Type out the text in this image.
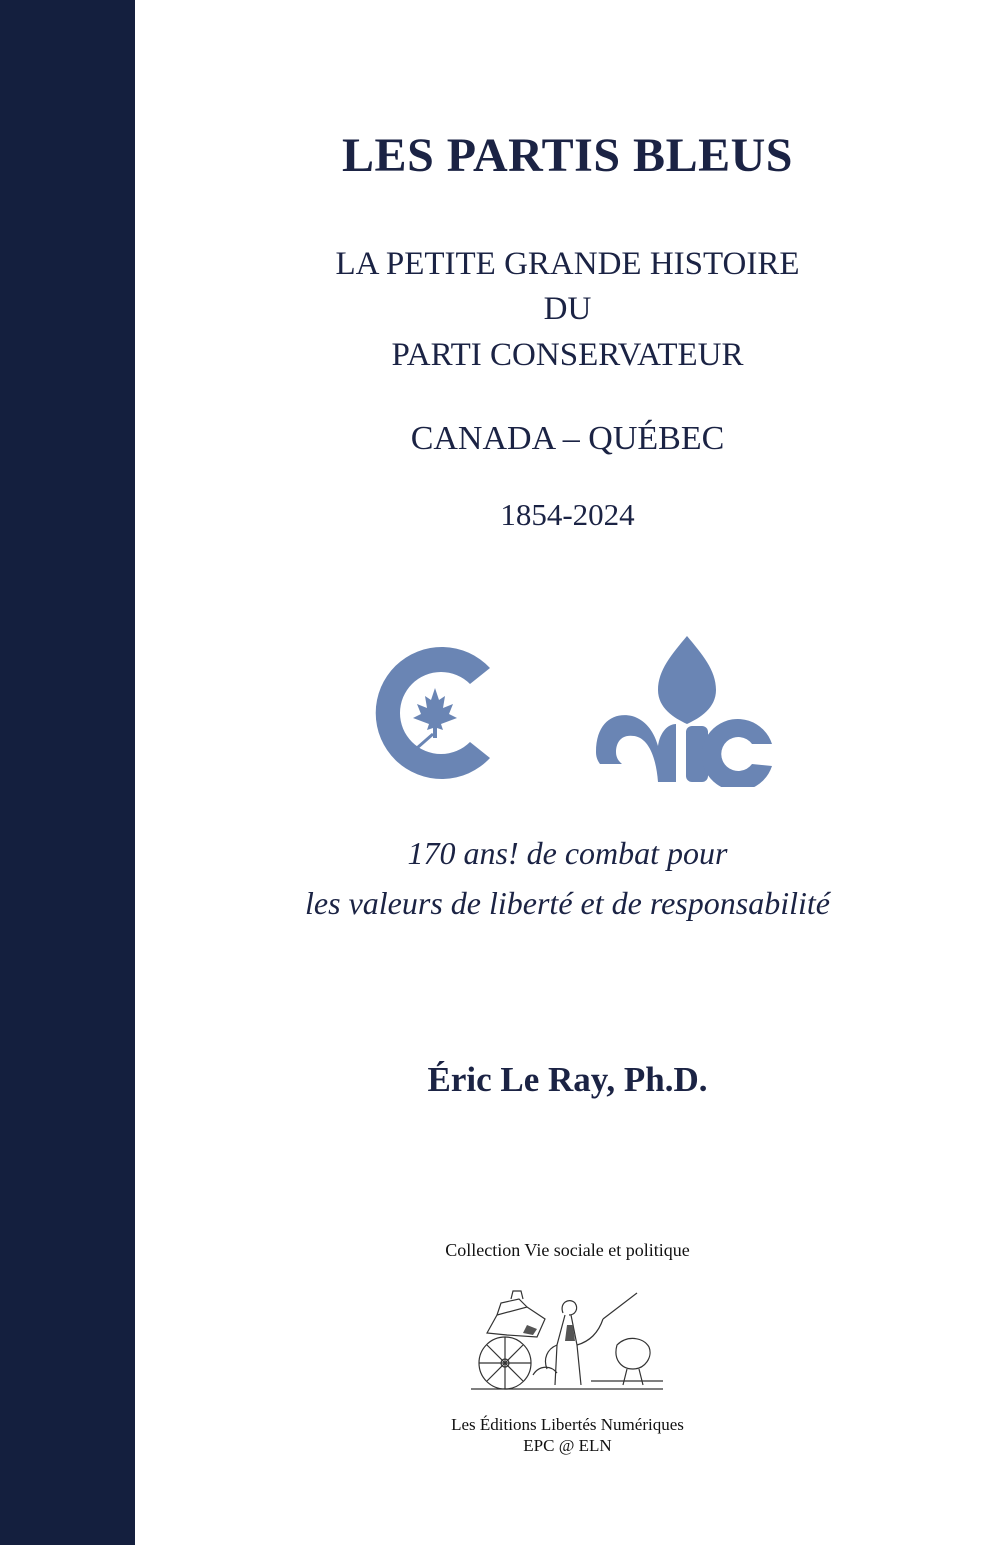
LES PARTIS BLEUS
LA PETITE GRANDE HISTOIRE
DU
PARTI CONSERVATEUR
CANADA – QUÉBEC
1854-2024
170 ans! de combat pour
les valeurs de liberté et de responsabilité
Éric Le Ray, Ph.D.
Collection Vie sociale et politique
Les Éditions Libertés Numériques
EPC @ ELN
